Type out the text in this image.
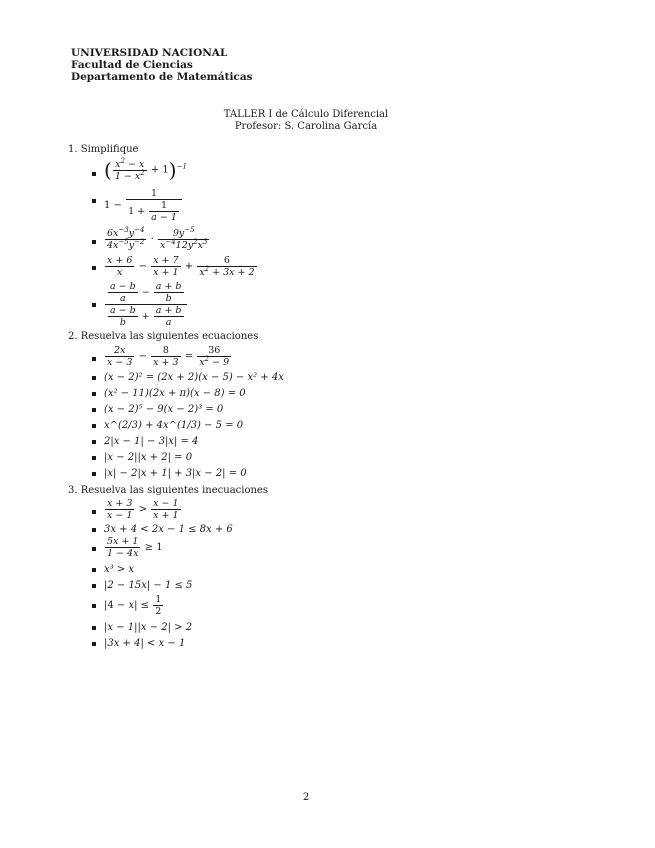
UNIVERSIDAD NACIONAL
Facultad de Ciencias
Departamento de Matemáticas
TALLER I de Cálculo Diferencial
Profesor: S. Carolina García
1. Simplifique
( $\frac{x^2 - x}{1 - x^2} + 1)^{-1}$
$1 - \frac{1}{1 + \frac{1}{a - 1}}$
$\frac{6x^{-3}y^{-4}}{4x^{-5}y^{-2}} \cdot \frac{9y^{-5}}{x^{-4}12y^2x^3}$
$\frac{x + 6}{x} - \frac{x + 7}{x + 1} + \frac{6}{x^2 + 3x + 2}$
$\frac{\frac{a - b}{a} - \frac{a + b}{b}}{\frac{a - b}{b} + \frac{a + b}{a}}$
2. Resuelva las siguientes ecuaciones
$\frac{2x}{x - 3} - \frac{8}{x + 3} = \frac{36}{x^2 - 9}$
(x − 2)² = (2x + 2)(x − 5) − x² + 4x
(x² − 11)(2x + π)(x − 8) = 0
(x − 2)⁵ − 9(x − 2)³ = 0
x^(2/3) + 4x^(1/3) − 5 = 0
2|x − 1| − 3|x| = 4
|x − 2||x + 2| = 0
|x| − 2|x + 1| + 3|x − 2| = 0
3. Resuelva las siguientes inecuaciones
$\frac{x + 3}{x - 1} > \frac{x - 1}{x + 1}$
3x + 4 < 2x − 1 ≤ 8x + 6
$\frac{5x + 1}{1 - 4x} \ge 1$
x³ > x
|2 − 15x| − 1 ≤ 5
$|4 - x| \le \frac{1}{2}$
|x − 1||x − 2| > 2
|3x + 4| < x − 1
2
